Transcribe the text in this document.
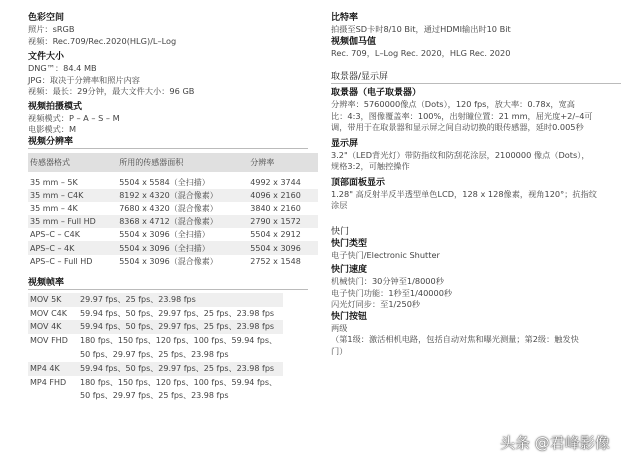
色彩空间

照片：sRGB

视频：Rec.709/Rec.2020(HLG)/L–Log

文件大小

DNG™：84.4 MB

JPG：取决于分辨率和照片内容

视频：最长：29分钟，最大文件大小：96 GB

视频拍摄模式

视频模式：P – A – S – M

电影模式：M

视频分辨率

传感器格式	所用的传感器面积	分辨率

35 mm – 5K	5504 x 5584（全扫描）	4992 x 3744
35 mm – C4K	8192 x 4320（混合像素）	4096 x 2160
35 mm – 4K	7680 x 4320（混合像素）	3840 x 2160
35 mm – Full HD	8368 x 4712（混合像素）	2790 x 1572
APS–C – C4K	5504 x 3096（全扫描）	5504 x 2912
APS–C – 4K	5504 x 3096（全扫描）	5504 x 3096
APS–C – Full HD	5504 x 3096（混合像素）	2752 x 1548

视频帧率

MOV 5K	29.97 fps、25 fps、23.98 fps
MOV C4K	59.94 fps、50 fps、29.97 fps、25 fps、23.98 fps
MOV 4K	59.94 fps、50 fps、29.97 fps、25 fps、23.98 fps
MOV FHD	180 fps、150 fps、120 fps、100 fps、59.94 fps、
50 fps、29.97 fps、25 fps、23.98 fps

MP4 4K	59.94 fps、50 fps、29.97 fps、25 fps、23.98 fps
MP4 FHD	180 fps、150 fps、120 fps、100 fps、59.94 fps、
50 fps、29.97 fps、25 fps、23.98 fps

比特率

拍摄至SD卡时8/10 Bit，通过HDMI输出时10 Bit

视频伽马值

Rec. 709，L–Log Rec. 2020，HLG Rec. 2020

取景器/显示屏

取景器（电子取景器）

分辨率：5760000像点（Dots），120 fps，放大率：0.78x，宽高

比：4:3，图像覆盖率：100%，出射瞳位置：21 mm，屈光度+2/–4可

调，带用于在取景器和显示屏之间自动切换的眼传感器，延时0.005秒

显示屏

3.2"（LED背光灯）带防指纹和防刮花涂层，2100000 像点（Dots），

规格3:2，可触控操作

顶部面板显示

1.28" 高反射半反半透型单色LCD，128 x 128像素，视角120°；抗指纹

涂层

快门

快门类型

电子快门/Electronic Shutter

快门速度

机械快门：30分钟至1/8000秒

电子快门功能：1秒至1/40000秒

闪光灯同步：至1/250秒

快门按钮

两级

（第1级：激活相机电路，包括自动对焦和曝光测量；第2级：触发快

门）

头条 @君峰影像
